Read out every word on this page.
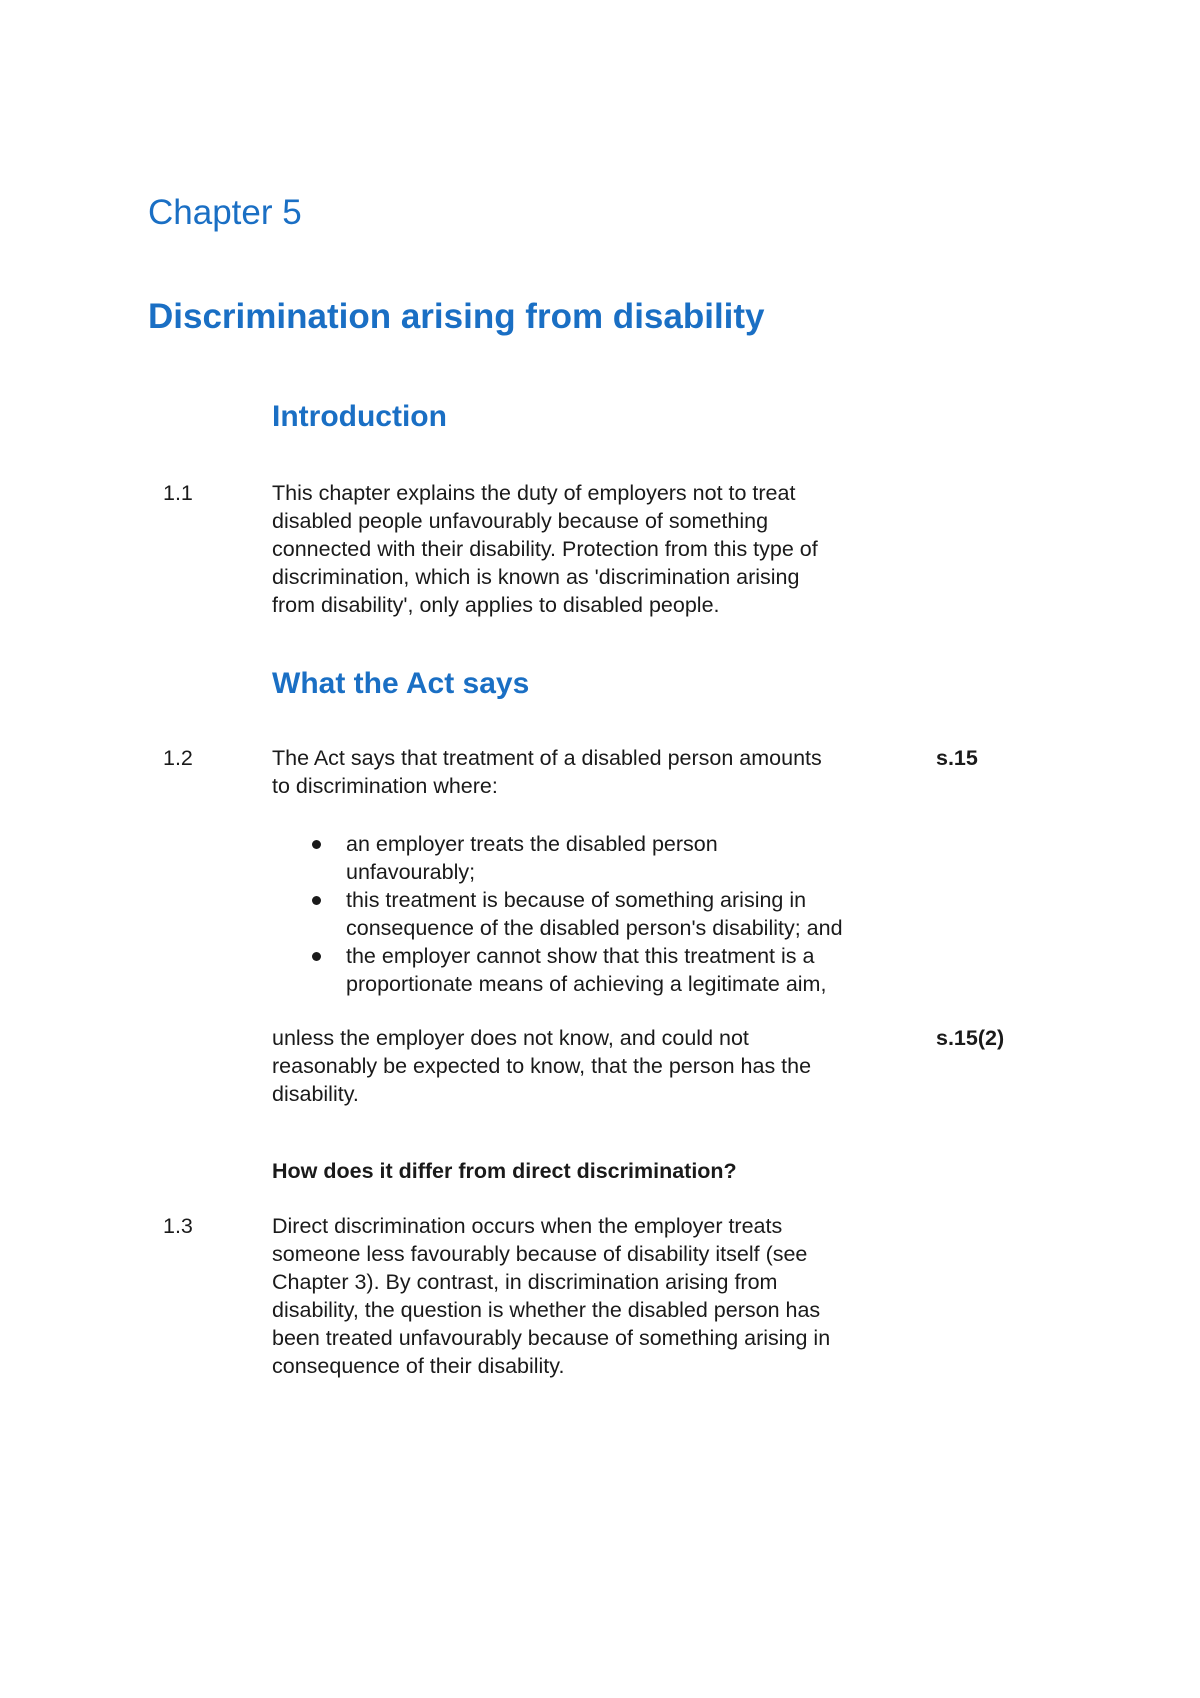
Chapter 5
Discrimination arising from disability
Introduction
1.1	This chapter explains the duty of employers not to treat
disabled people unfavourably because of something
connected with their disability. Protection from this type of
discrimination, which is known as 'discrimination arising
from disability', only applies to disabled people.
What the Act says
1.2	The Act says that treatment of a disabled person amounts
to discrimination where:
s.15
an employer treats the disabled person
unfavourably;
this treatment is because of something arising in
consequence of the disabled person's disability; and
the employer cannot show that this treatment is a
proportionate means of achieving a legitimate aim,
unless the employer does not know, and could not
reasonably be expected to know, that the person has the
disability.
s.15(2)
How does it differ from direct discrimination?
1.3	Direct discrimination occurs when the employer treats
someone less favourably because of disability itself (see
Chapter 3). By contrast, in discrimination arising from
disability, the question is whether the disabled person has
been treated unfavourably because of something arising in
consequence of their disability.
